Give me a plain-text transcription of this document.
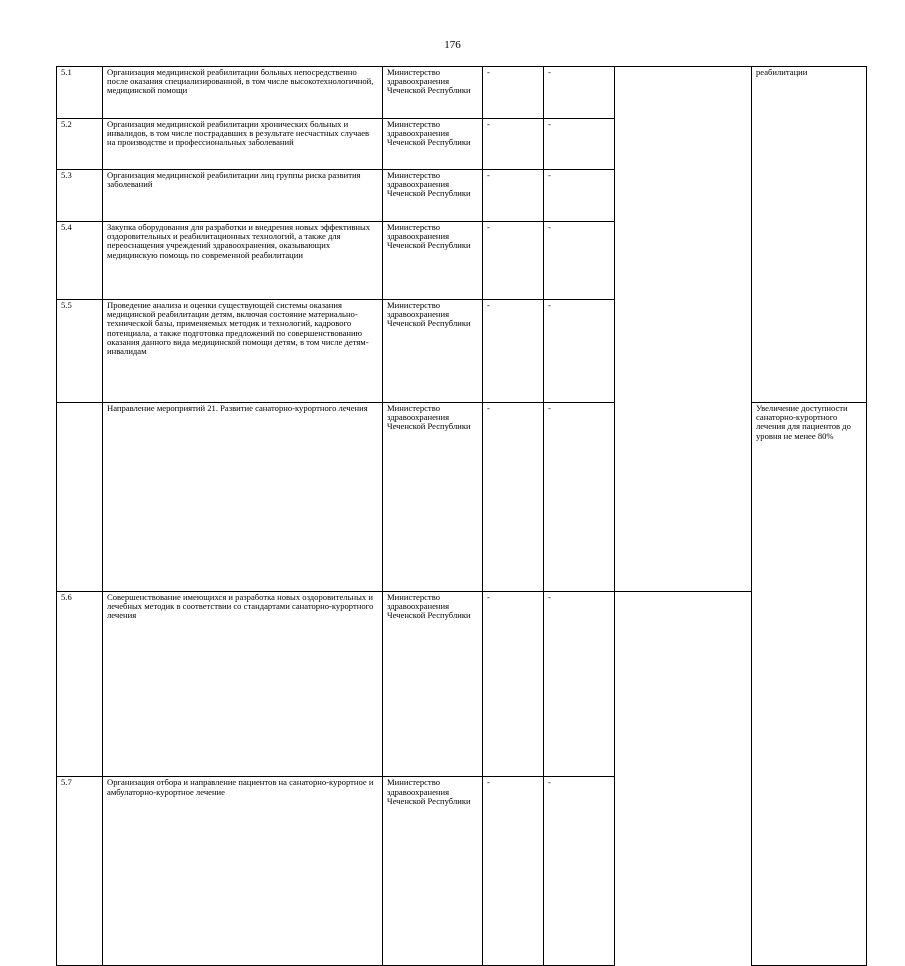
176
5.1	Организация медицинской реабилитации больных непосредственно после оказания специализированной, в том числе высокотехнологичной, медицинской помощи	Министерство здравоохранения Чеченской Республики	-	-		реабилитации	
5.2	Организация медицинской реабилитации хронических больных и инвалидов, в том числе пострадавших в результате несчастных случаев на производстве и профессиональных заболеваний	Министерство здравоохранения Чеченской Республики	-	-			
5.3	Организация медицинской реабилитации лиц группы риска развития заболеваний	Министерство здравоохранения Чеченской Республики	-	-			
5.4	Закупка оборудования для разработки и внедрения новых эффективных оздоровительных и реабилитационных технологий, а также для переоснащения учреждений здравоохранения, оказывающих медицинскую помощь по современной реабилитации	Министерство здравоохранения Чеченской Республики	-	-			
5.5	Проведение анализа и оценки существующей системы оказания медицинской реабилитации детям, включая состояние материально-технической базы, применяемых методик и технологий, кадрового потенциала, а также подготовка предложений по совершенствованию оказания данного вида медицинской помощи детям, в том числе детям-инвалидам	Министерство здравоохранения Чеченской Республики	-	-			
	Направление мероприятий 21. Развитие санаторно-курортного лечения	Министерство здравоохранения Чеченской Республики	-	-		Увеличение доступности санаторно-курортного лечения для пациентов до уровня не менее 80%	
5.6	Совершенствование имеющихся и разработка новых оздоровительных и лечебных методик в соответствии со стандартами санаторно-курортного лечения	Министерство здравоохранения Чеченской Республики	-	-			
5.7	Организация отбора и направление пациентов на санаторно-курортное и амбулаторно-курортное лечение	Министерство здравоохранения Чеченской Республики	-	-			
